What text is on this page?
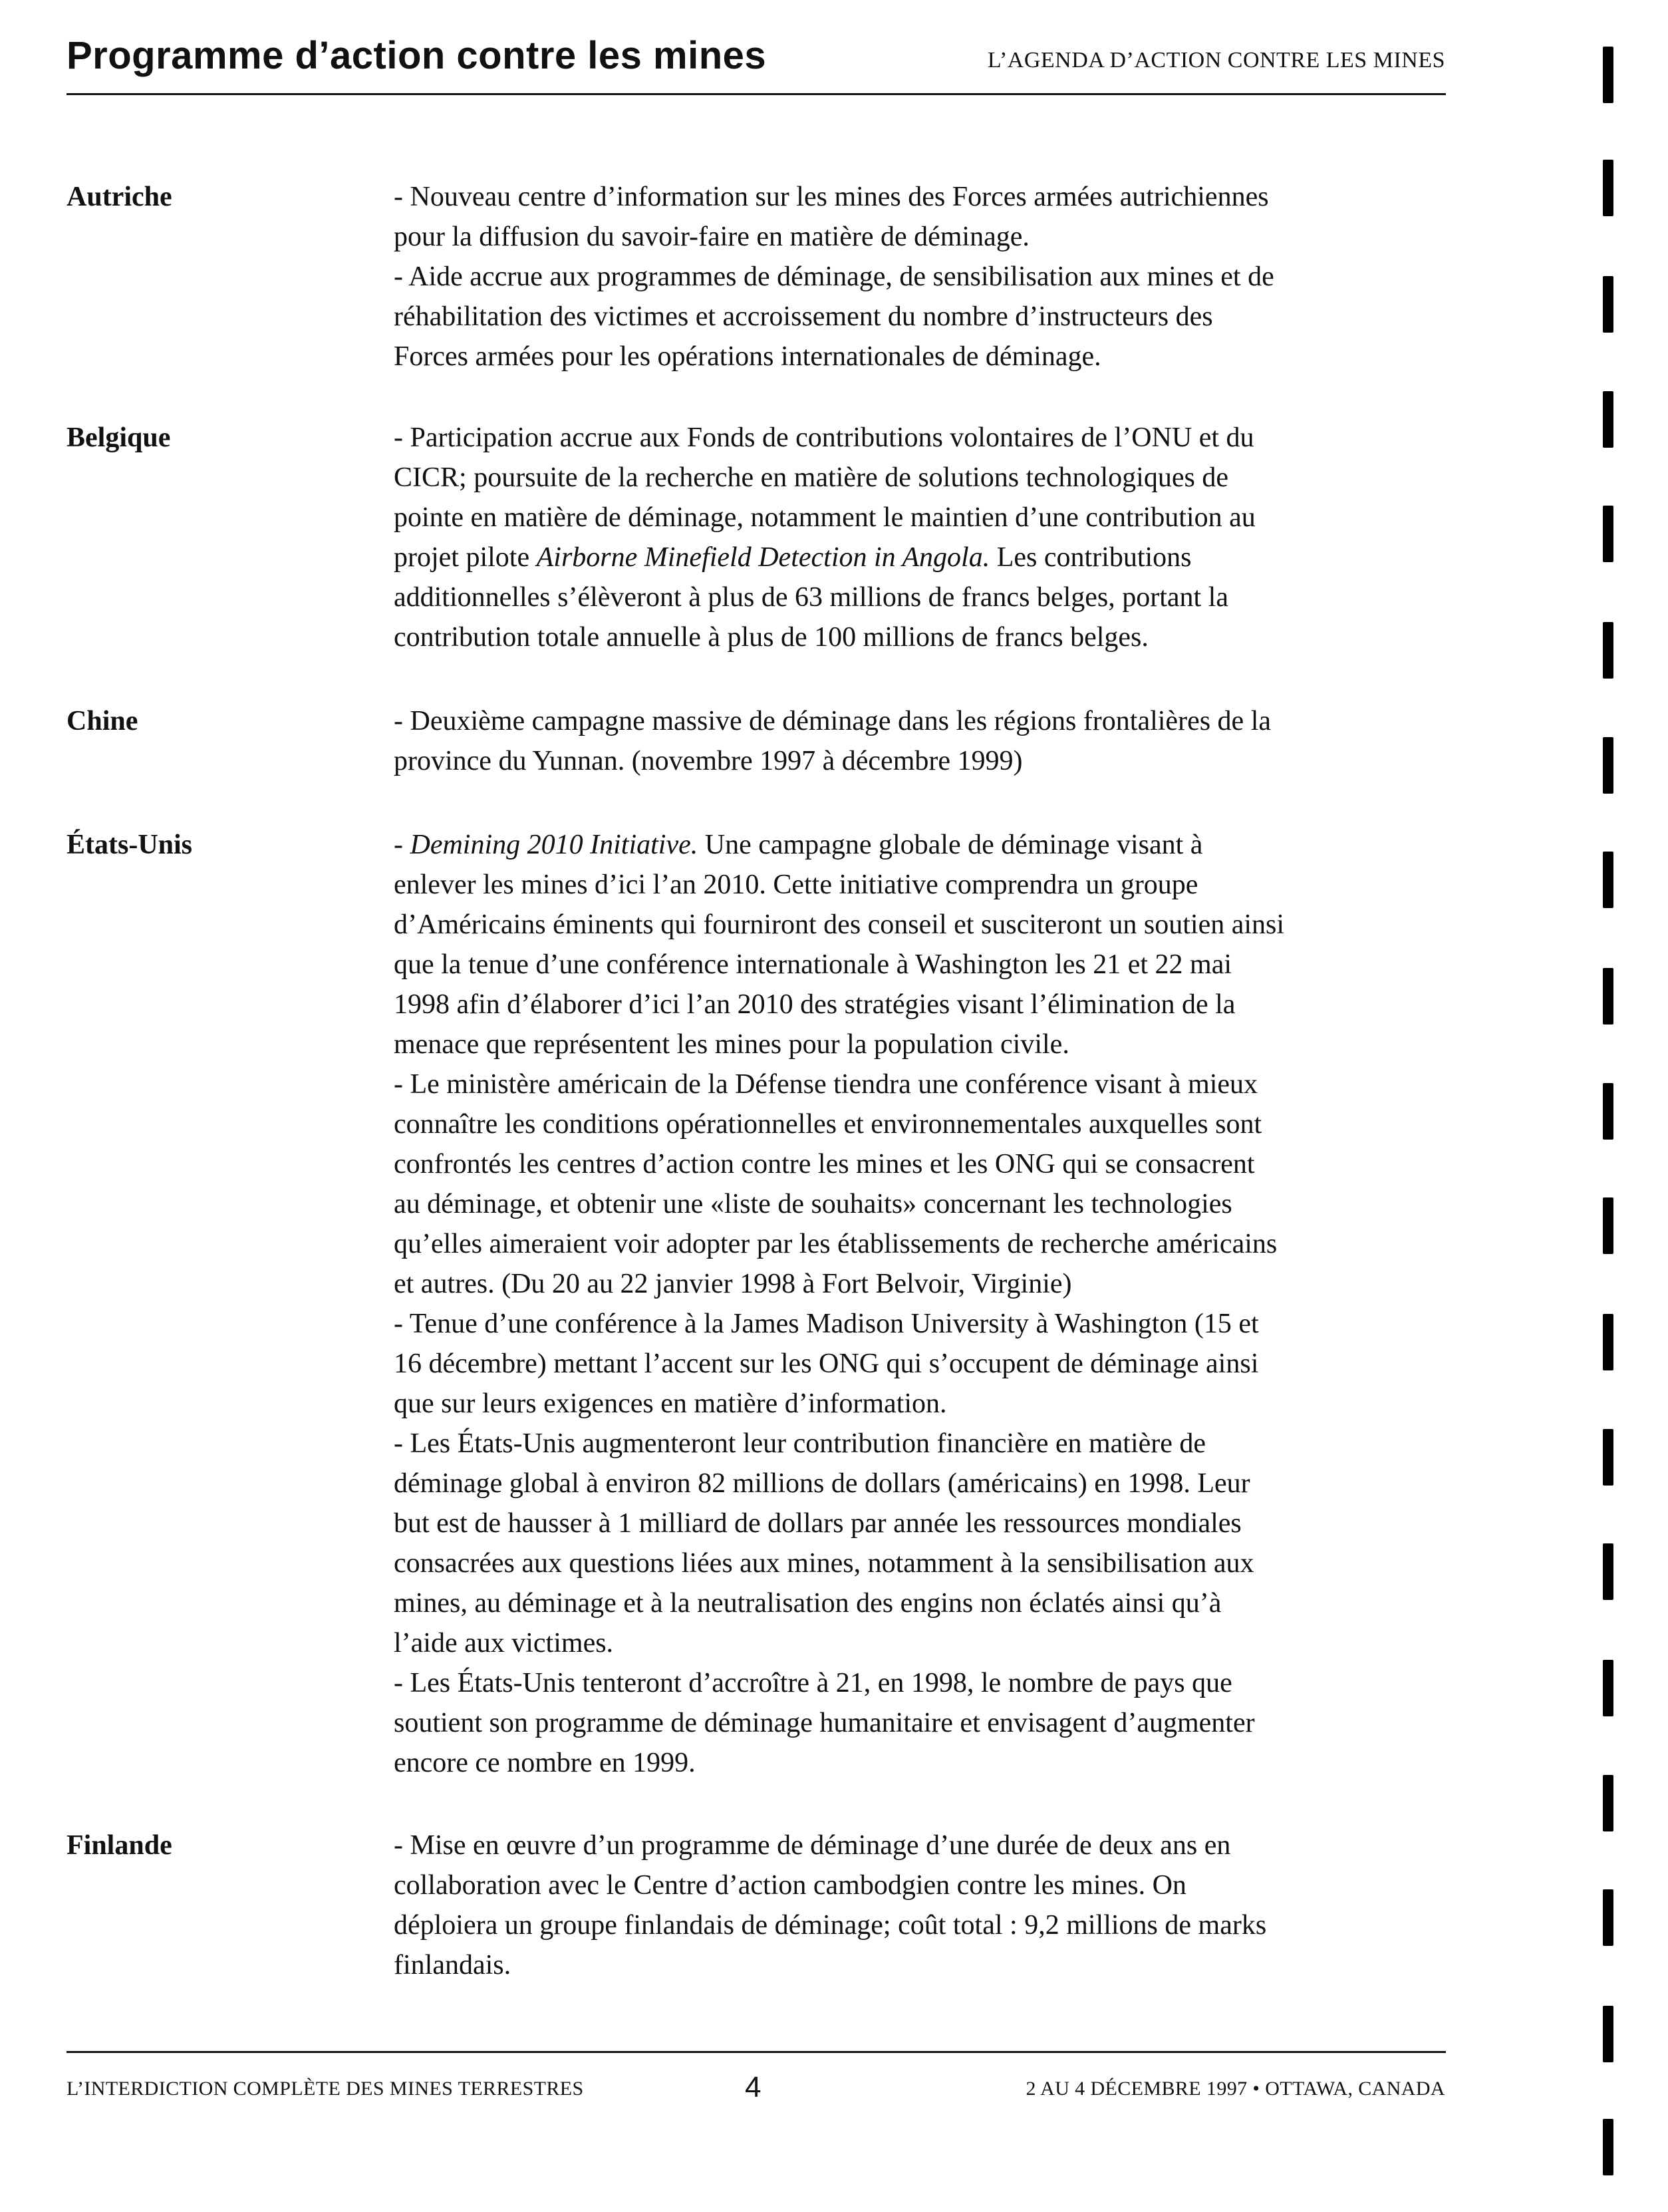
Programme d’action contre les mines	L’AGENDA D’ACTION CONTRE LES MINES
Autriche	- Nouveau centre d’information sur les mines des Forces armées autrichiennes
pour la diffusion du savoir-faire en matière de déminage.

- Aide accrue aux programmes de déminage, de sensibilisation aux mines et de
réhabilitation des victimes et accroissement du nombre d’instructeurs des
Forces armées pour les opérations internationales de déminage.

Belgique	- Participation accrue aux Fonds de contributions volontaires de l’ONU et du
CICR; poursuite de la recherche en matière de solutions technologiques de
pointe en matière de déminage, notamment le maintien d’une contribution au

projet pilote Airborne Minefield Detection in Angola. Les contributions

additionnelles s’élèveront à plus de 63 millions de francs belges, portant la
contribution totale annuelle à plus de 100 millions de francs belges.

Chine	- Deuxième campagne massive de déminage dans les régions frontalières de la
province du Yunnan. (novembre 1997 à décembre 1999)

États-Unis	- Demining 2010 Initiative. Une campagne globale de déminage visant à
enlever les mines d’ici l’an 2010. Cette initiative comprendra un groupe
d’Américains éminents qui fourniront des conseil et susciteront un soutien ainsi
que la tenue d’une conférence internationale à Washington les 21 et 22 mai
1998 afin d’élaborer d’ici l’an 2010 des stratégies visant l’élimination de la
menace que représentent les mines pour la population civile.

- Le ministère américain de la Défense tiendra une conférence visant à mieux
connaître les conditions opérationnelles et environnementales auxquelles sont
confrontés les centres d’action contre les mines et les ONG qui se consacrent
au déminage, et obtenir une «liste de souhaits» concernant les technologies
qu’elles aimeraient voir adopter par les établissements de recherche américains
et autres. (Du 20 au 22 janvier 1998 à Fort Belvoir, Virginie)

- Tenue d’une conférence à la James Madison University à Washington (15 et
16 décembre) mettant l’accent sur les ONG qui s’occupent de déminage ainsi
que sur leurs exigences en matière d’information.

- Les États-Unis augmenteront leur contribution financière en matière de
déminage global à environ 82 millions de dollars (américains) en 1998. Leur
but est de hausser à 1 milliard de dollars par année les ressources mondiales
consacrées aux questions liées aux mines, notamment à la sensibilisation aux
mines, au déminage et à la neutralisation des engins non éclatés ainsi qu’à
l’aide aux victimes.

- Les États-Unis tenteront d’accroître à 21, en 1998, le nombre de pays que
soutient son programme de déminage humanitaire et envisagent d’augmenter
encore ce nombre en 1999.

Finlande	- Mise en œuvre d’un programme de déminage d’une durée de deux ans en
collaboration avec le Centre d’action cambodgien contre les mines. On
déploiera un groupe finlandais de déminage; coût total : 9,2 millions de marks
finlandais.

L’INTERDICTION COMPLÈTE DES MINES TERRESTRES	4	2 AU 4 DÉCEMBRE 1997 • OTTAWA, CANADA
